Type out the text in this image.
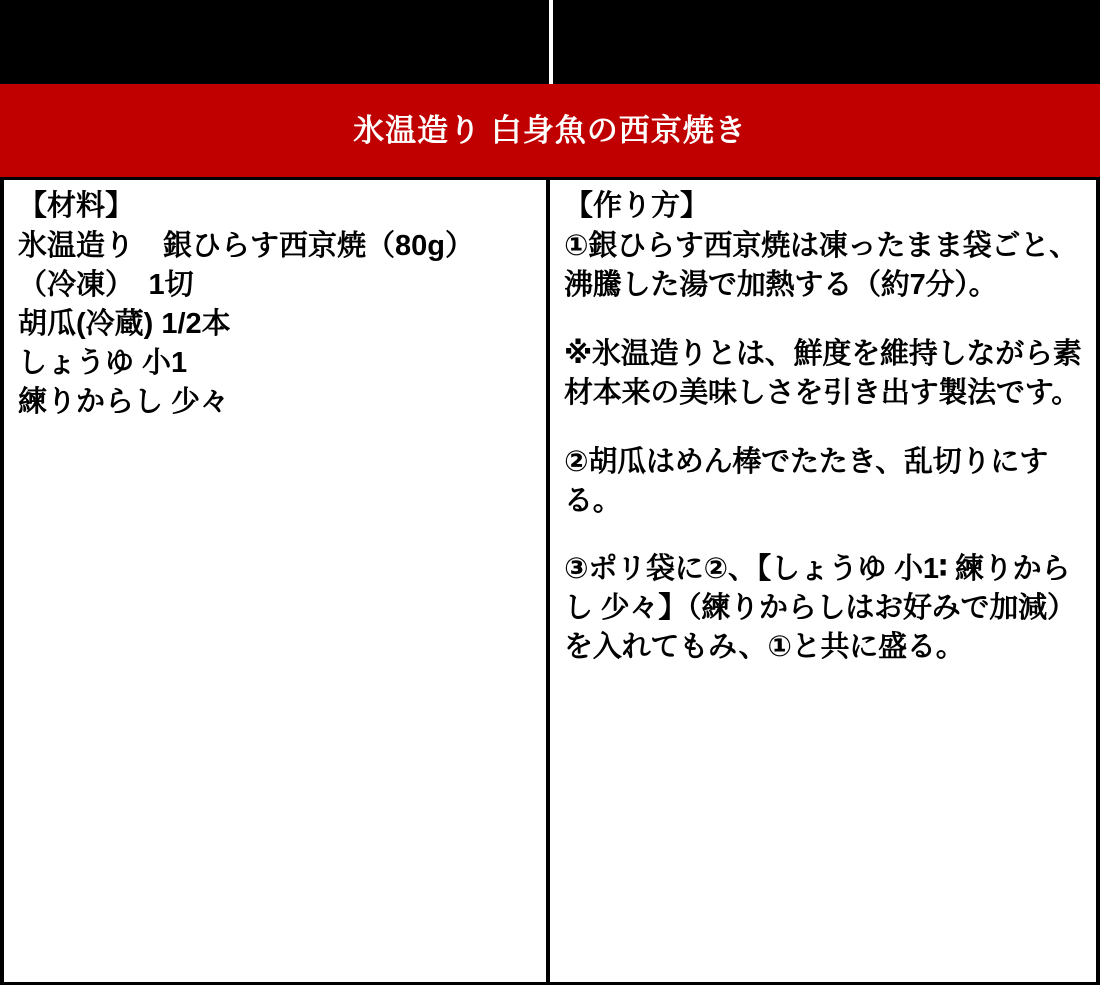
氷温造り 白身魚の西京焼き
【材料】
氷温造り　銀ひらす西京焼（80g）
（冷凍）　1切
胡瓜(冷蔵) 1/2本
しょうゆ 小1
練りからし 少々
【作り方】
①銀ひらす西京焼は凍ったまま袋ごと、沸騰した湯で加熱する（約7分）。
※氷温造りとは、鮮度を維持しながら素材本来の美味しさを引き出す製法です。
②胡瓜はめん棒でたたき、乱切りにする。
③ポリ袋に②、【しょうゆ 小1∶ 練りからし 少々】（練りからしはお好みで加減）を入れてもみ、①と共に盛る。
